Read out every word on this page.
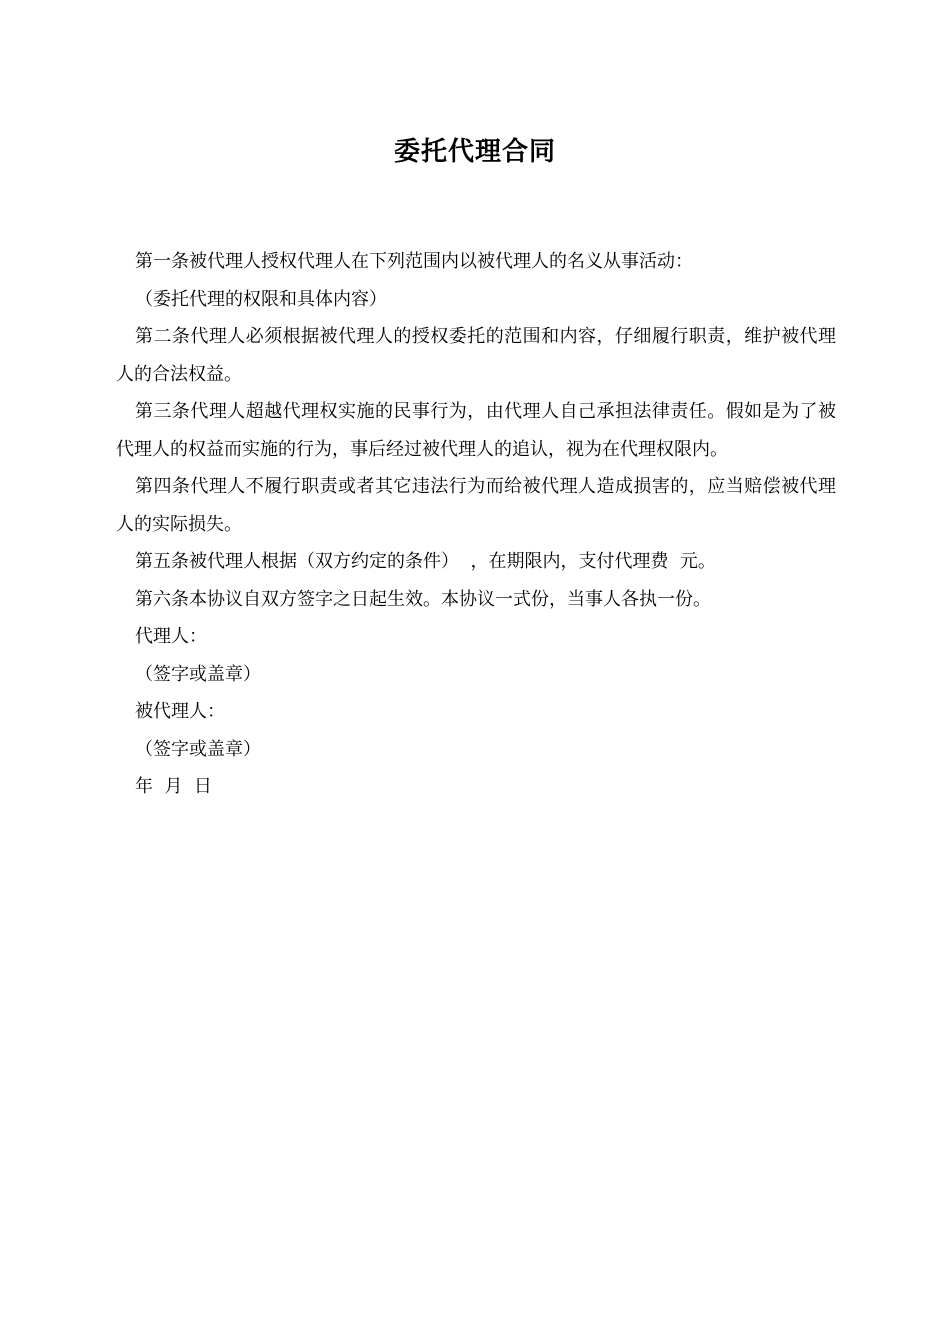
委托代理合同

第一条被代理人授权代理人在下列范围内以被代理人的名义从事活动：

（委托代理的权限和具体内容）

第二条代理人必须根据被代理人的授权委托的范围和内容，仔细履行职责，维护被代理人的合法权益。

第三条代理人超越代理权实施的民事行为，由代理人自己承担法律责任。假如是为了被代理人的权益而实施的行为，事后经过被代理人的追认，视为在代理权限内。

第四条代理人不履行职责或者其它违法行为而给被代理人造成损害的，应当赔偿被代理人的实际损失。

第五条被代理人根据（双方约定的条件）  ，在期限内，支付代理费  元。

第六条本协议自双方签字之日起生效。本协议一式份，当事人各执一份。

代理人：

（签字或盖章）

被代理人：

（签字或盖章）

年  月  日
